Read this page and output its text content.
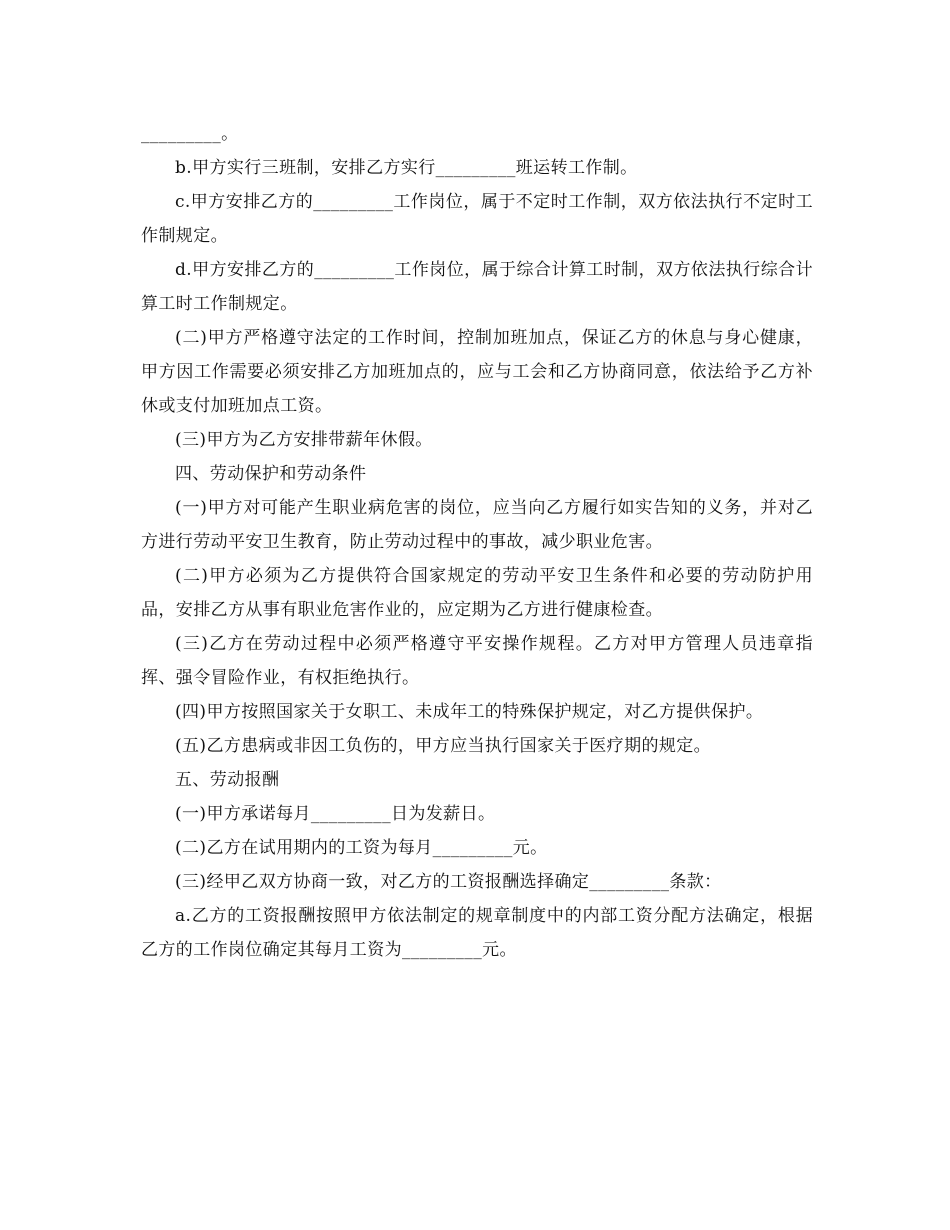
_________。

b.甲方实行三班制，安排乙方实行_________班运转工作制。

c.甲方安排乙方的_________工作岗位，属于不定时工作制，双方依法执行不定时工作制规定。

d.甲方安排乙方的_________工作岗位，属于综合计算工时制，双方依法执行综合计算工时工作制规定。

(二)甲方严格遵守法定的工作时间，控制加班加点，保证乙方的休息与身心健康，甲方因工作需要必须安排乙方加班加点的，应与工会和乙方协商同意，依法给予乙方补休或支付加班加点工资。

(三)甲方为乙方安排带薪年休假。

四、劳动保护和劳动条件

(一)甲方对可能产生职业病危害的岗位，应当向乙方履行如实告知的义务，并对乙方进行劳动平安卫生教育，防止劳动过程中的事故，减少职业危害。

(二)甲方必须为乙方提供符合国家规定的劳动平安卫生条件和必要的劳动防护用品，安排乙方从事有职业危害作业的，应定期为乙方进行健康检查。

(三)乙方在劳动过程中必须严格遵守平安操作规程。乙方对甲方管理人员违章指挥、强令冒险作业，有权拒绝执行。

(四)甲方按照国家关于女职工、未成年工的特殊保护规定，对乙方提供保护。

(五)乙方患病或非因工负伤的，甲方应当执行国家关于医疗期的规定。

五、劳动报酬

(一)甲方承诺每月_________日为发薪日。

(二)乙方在试用期内的工资为每月_________元。

(三)经甲乙双方协商一致，对乙方的工资报酬选择确定_________条款：

a.乙方的工资报酬按照甲方依法制定的规章制度中的内部工资分配方法确定，根据乙方的工作岗位确定其每月工资为_________元。
